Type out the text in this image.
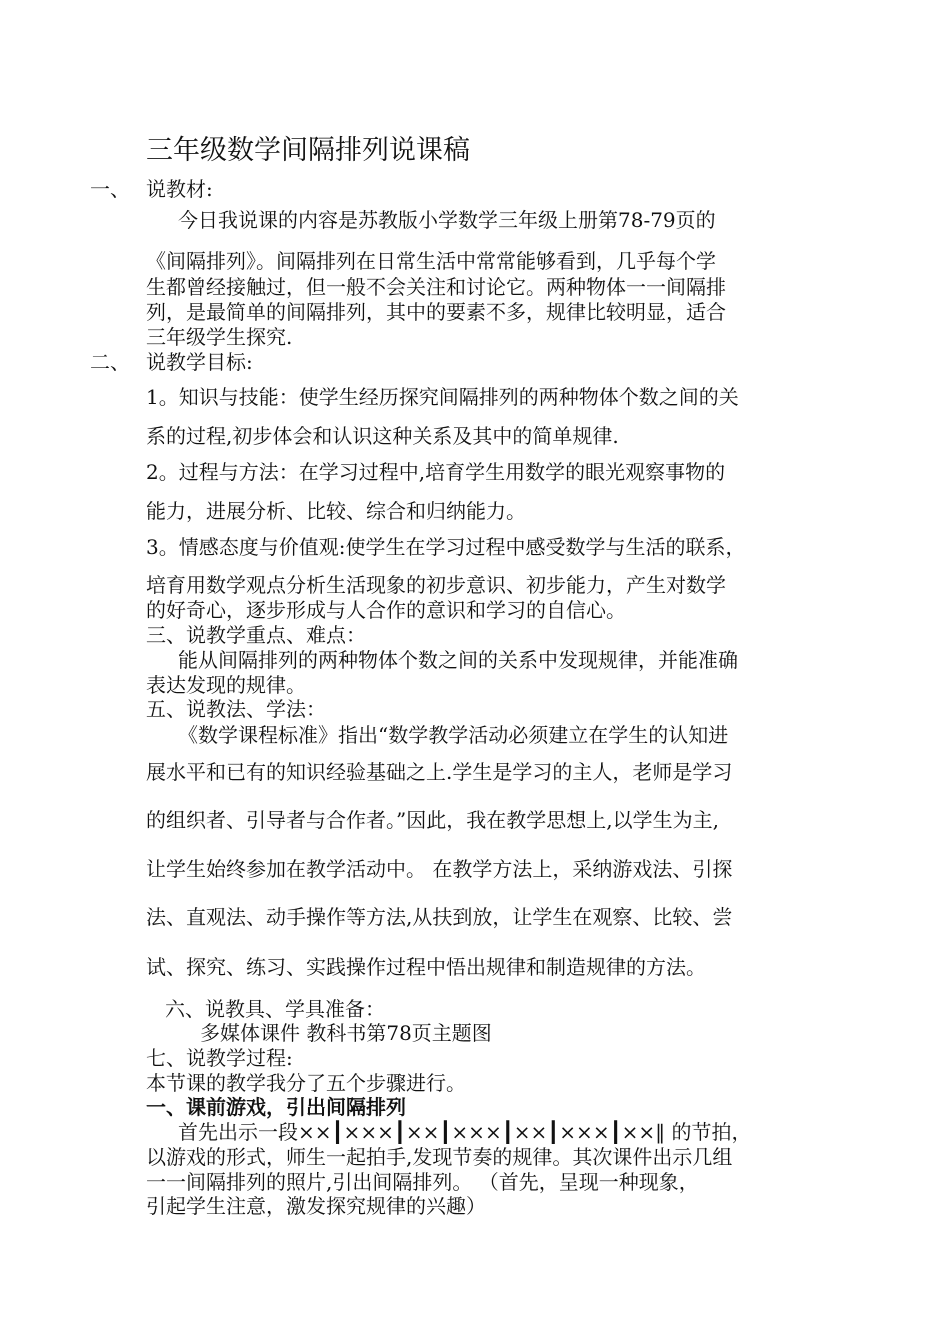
三年级数学间隔排列说课稿
一、 说教材:
今日我说课的内容是苏教版小学数学三年级上册第78-79页的
《间隔排列》。间隔排列在日常生活中常常能够看到，几乎每个学
生都曾经接触过，但一般不会关注和讨论它。两种物体一一间隔排
列，是最简单的间隔排列，其中的要素不多，规律比较明显，适合
三年级学生探究.
二、 说教学目标:
1。知识与技能：使学生经历探究间隔排列的两种物体个数之间的关
系的过程,初步体会和认识这种关系及其中的简单规律.
2。过程与方法：在学习过程中,培育学生用数学的眼光观察事物的
能力，进展分析、比较、综合和归纳能力。
3。情感态度与价值观:使学生在学习过程中感受数学与生活的联系，
培育用数学观点分析生活现象的初步意识、初步能力，产生对数学
的好奇心，逐步形成与人合作的意识和学习的自信心。
三、说教学重点、难点：
能从间隔排列的两种物体个数之间的关系中发现规律，并能准确
表达发现的规律。
五、说教法、学法：
《数学课程标准》指出“数学教学活动必须建立在学生的认知进
展水平和已有的知识经验基础之上.学生是学习的主人，老师是学习
的组织者、引导者与合作者。”因此，我在教学思想上,以学生为主,
让学生始终参加在教学活动中。 在教学方法上，采纳游戏法、引探
法、直观法、动手操作等方法,从扶到放，让学生在观察、比较、尝
试、探究、练习、实践操作过程中悟出规律和制造规律的方法。
六、说教具、学具准备：
多媒体课件 教科书第78页主题图
七、说教学过程:
本节课的教学我分了五个步骤进行。
一、课前游戏，引出间隔排列
首先出示一段××┃×××┃××┃×××┃××┃×××┃××‖ 的节拍，
以游戏的形式，师生一起拍手,发现节奏的规律。其次课件出示几组
一一间隔排列的照片,引出间隔排列。 （首先，呈现一种现象，
引起学生注意，激发探究规律的兴趣）
